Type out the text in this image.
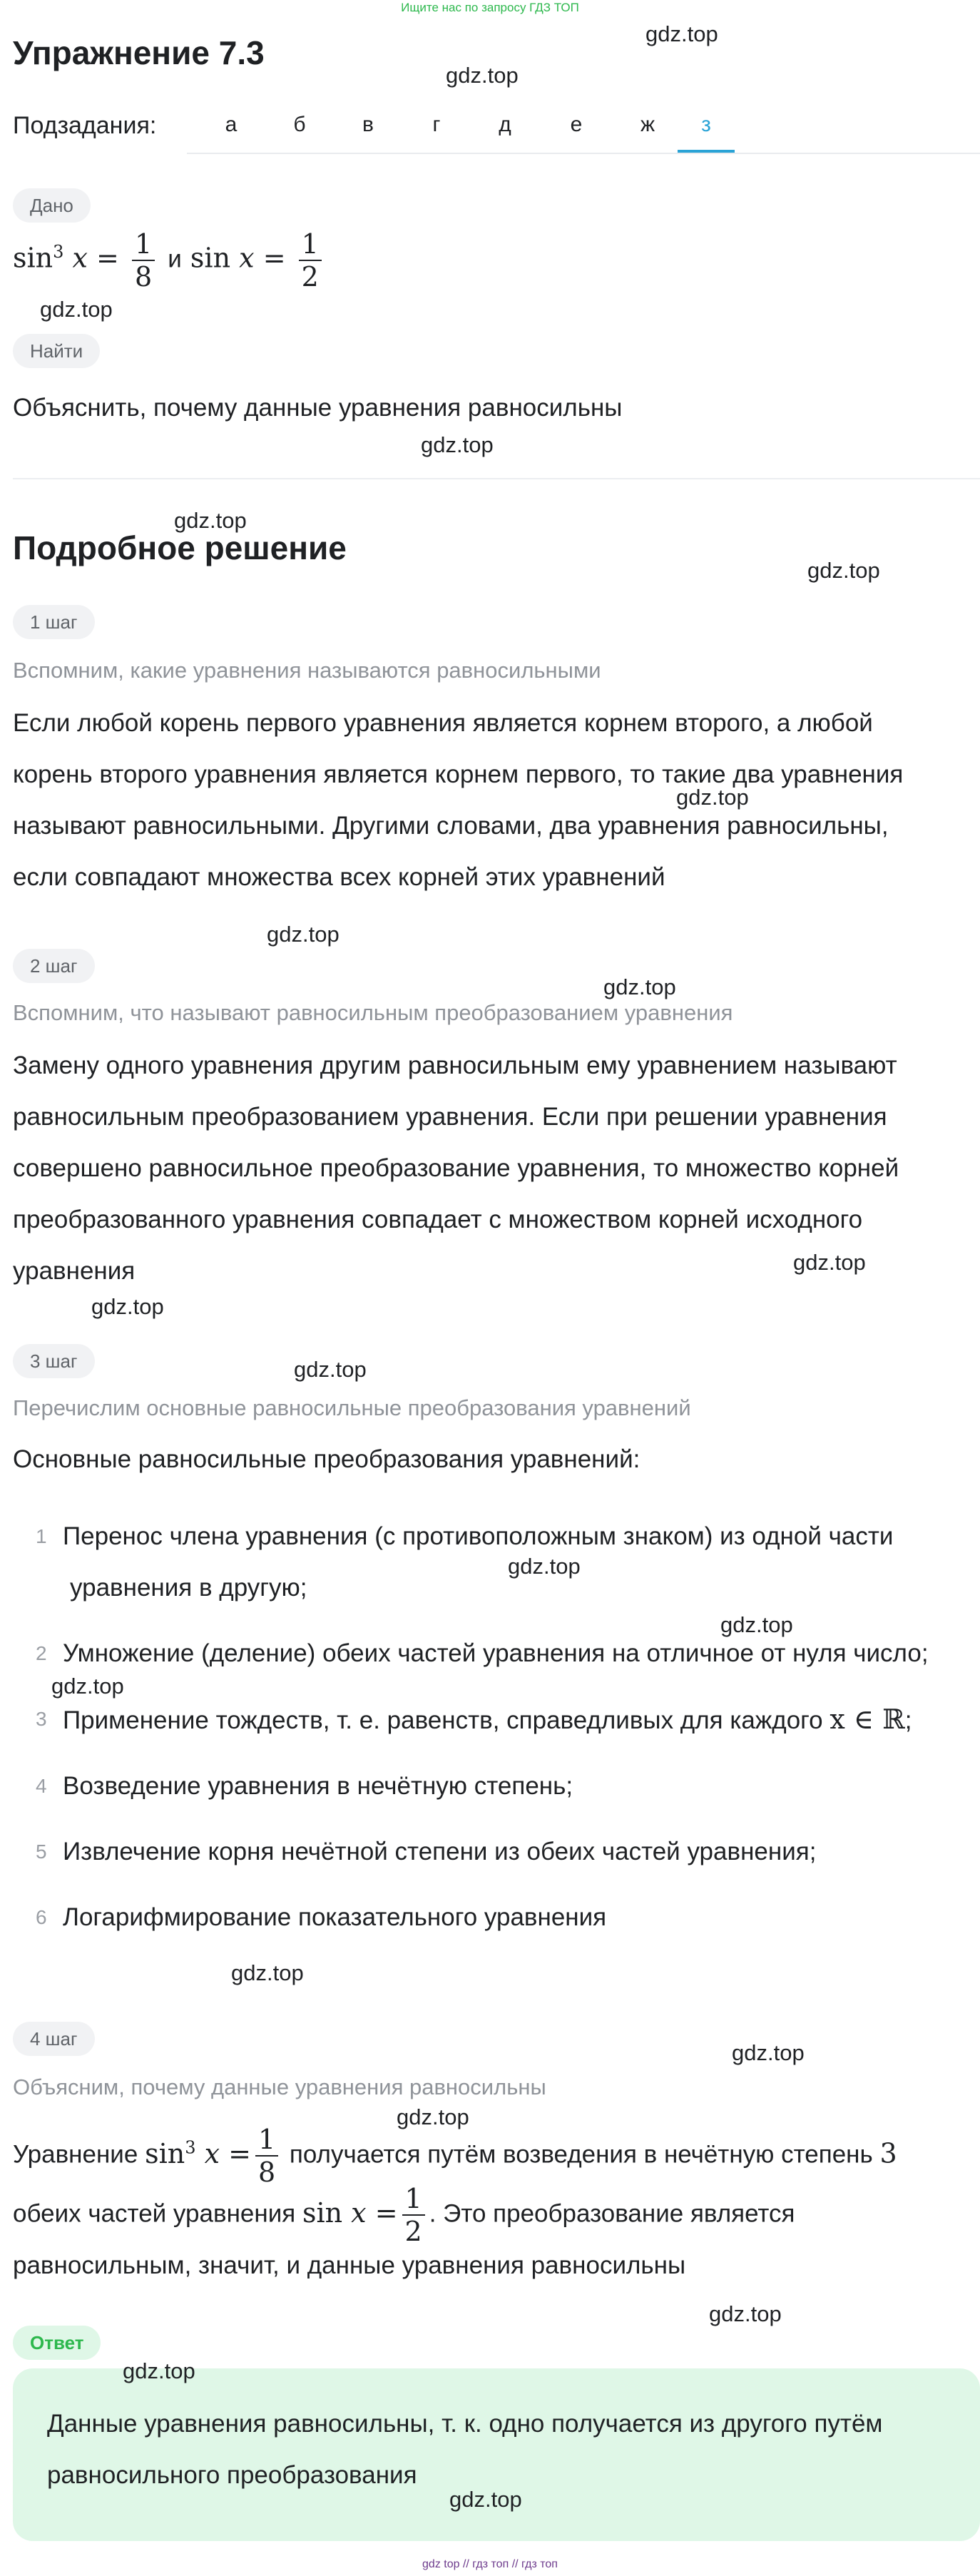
Ищите нас по запросу ГДЗ ТОП
Упражнение 7.3
Подзадания:	а	б	в	г	д	е	ж	з
Дано
$\sin^3 x = \frac{1}{8}$ и $\sin x = \frac{1}{2}$
Найти
Объяснить, почему данные уравнения равносильны
Подробное решение
1 шаг
Вспомним, какие уравнения называются равносильными
Если любой корень первого уравнения является корнем второго, а любой
корень второго уравнения является корнем первого, то такие два уравнения
называют равносильными. Другими словами, два уравнения равносильны,
если совпадают множества всех корней этих уравнений
2 шаг
Вспомним, что называют равносильным преобразованием уравнения
Замену одного уравнения другим равносильным ему уравнением называют
равносильным преобразованием уравнения. Если при решении уравнения
совершено равносильное преобразование уравнения, то множество корней
преобразованного уравнения совпадает с множеством корней исходного
уравнения
3 шаг
Перечислим основные равносильные преобразования уравнений
Основные равносильные преобразования уравнений:
1 Перенос члена уравнения (с противоположным знаком) из одной части
уравнения в другую;
2 Умножение (деление) обеих частей уравнения на отличное от нуля число;
3 Применение тождеств, т. е. равенств, справедливых для каждого x ∈ ℝ;
4 Возведение уравнения в нечётную степень;
5 Извлечение корня нечётной степени из обеих частей уравнения;
6 Логарифмирование показательного уравнения
4 шаг
Объясним, почему данные уравнения равносильны
Уравнение $\sin^3 x = \frac{1}{8}$ получается путём возведения в нечётную степень 3
обеих частей уравнения $\sin x = \frac{1}{2}$ . Это преобразование является
равносильным, значит, и данные уравнения равносильны
Ответ
Данные уравнения равносильны, т. к. одно получается из другого путём
равносильного преобразования
gdz.top
gdz.top
gdz.top
gdz.top
gdz.top
gdz.top
gdz.top
gdz.top
gdz.top
gdz.top
gdz.top
gdz.top
gdz.top
gdz.top
gdz.top
gdz.top
gdz.top
gdz.top
gdz.top
gdz.top
gdz.top
gdz top // гдз топ // гдз топ
